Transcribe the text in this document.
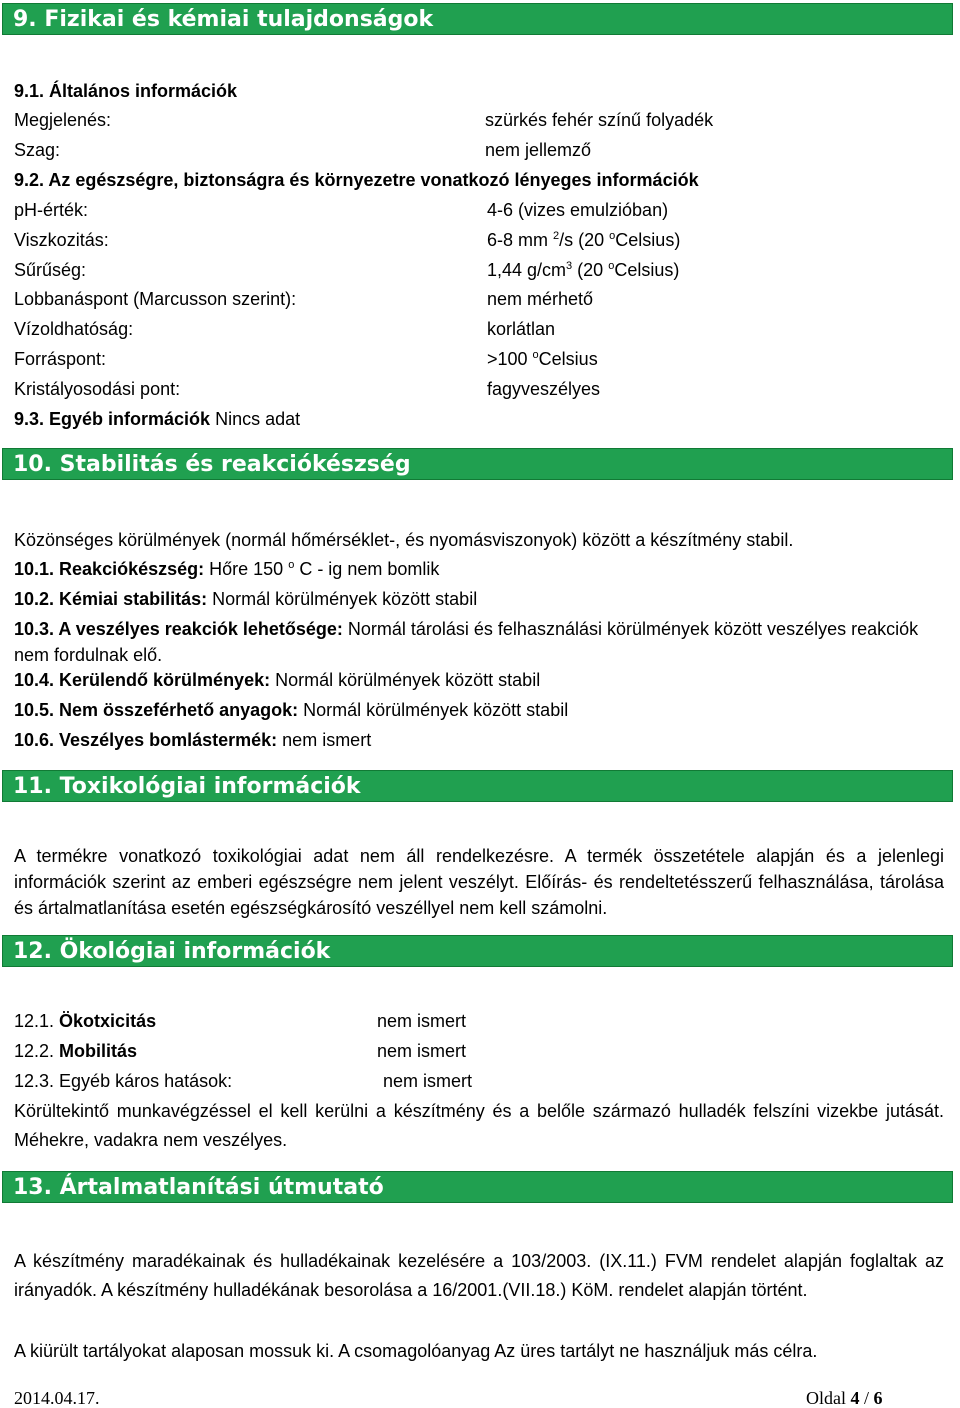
9. Fizikai és kémiai tulajdonságok
9.1. Általános információk
Megjelenés:	szürkés fehér színű folyadék
Szag:	nem jellemző
9.2. Az egészségre, biztonságra és környezetre vonatkozó lényeges információk
pH-érték:	4-6 (vizes emulzióban)
Viszkozitás:	6-8 mm $^2$/s (20 $^o$Celsius)
Sűrűség:	1,44 $g/cm^3$ (20 $^o$Celsius)
Lobbanáspont (Marcusson szerint):	nem mérhető
Vízoldhatóság:	korlátlan
Forráspont:	>100 $^o$Celsius
Kristályosodási pont:	fagyveszélyes
9.3. Egyéb információk Nincs adat
10. Stabilitás és reakciókészség
Közönséges körülmények (normál hőmérséklet-, és nyomásviszonyok) között a készítmény stabil.
10.1. Reakciókészség: Hőre 150 $^o$ C - ig nem bomlik
10.2. Kémiai stabilitás: Normál körülmények között stabil
10.3. A veszélyes reakciók lehetősége: Normál tárolási és felhasználási körülmények között veszélyes reakciók nem fordulnak elő.
10.4. Kerülendő körülmények: Normál körülmények között stabil
10.5. Nem összeférhető anyagok: Normál körülmények között stabil
10.6. Veszélyes bomlástermék: nem ismert
11. Toxikológiai információk
A termékre vonatkozó toxikológiai adat nem áll rendelkezésre. A termék összetétele alapján és a jelenlegi információk szerint az emberi egészségre nem jelent veszélyt. Előírás- és rendeltetésszerű felhasználása, tárolása és ártalmatlanítása esetén egészségkárosító veszéllyel nem kell számolni.
12. Ökológiai információk
12.1. Ökotxicitás	nem ismert
12.2. Mobilitás	nem ismert
12.3. Egyéb káros hatások:	nem ismert
Körültekintő munkavégzéssel el kell kerülni a készítmény és a belőle származó hulladék felszíni vizekbe jutását. Méhekre, vadakra nem veszélyes.
13. Ártalmatlanítási útmutató
A készítmény maradékainak és hulladékainak kezelésére a 103/2003. (IX.11.) FVM rendelet alapján foglaltak az irányadók. A készítmény hulladékának besorolása a 16/2001.(VII.18.) KöM. rendelet alapján történt.
A kiürült tartályokat alaposan mossuk ki. A csomagolóanyag Az üres tartályt ne használjuk más célra.
2014.04.17.	Oldal 4 / 6
